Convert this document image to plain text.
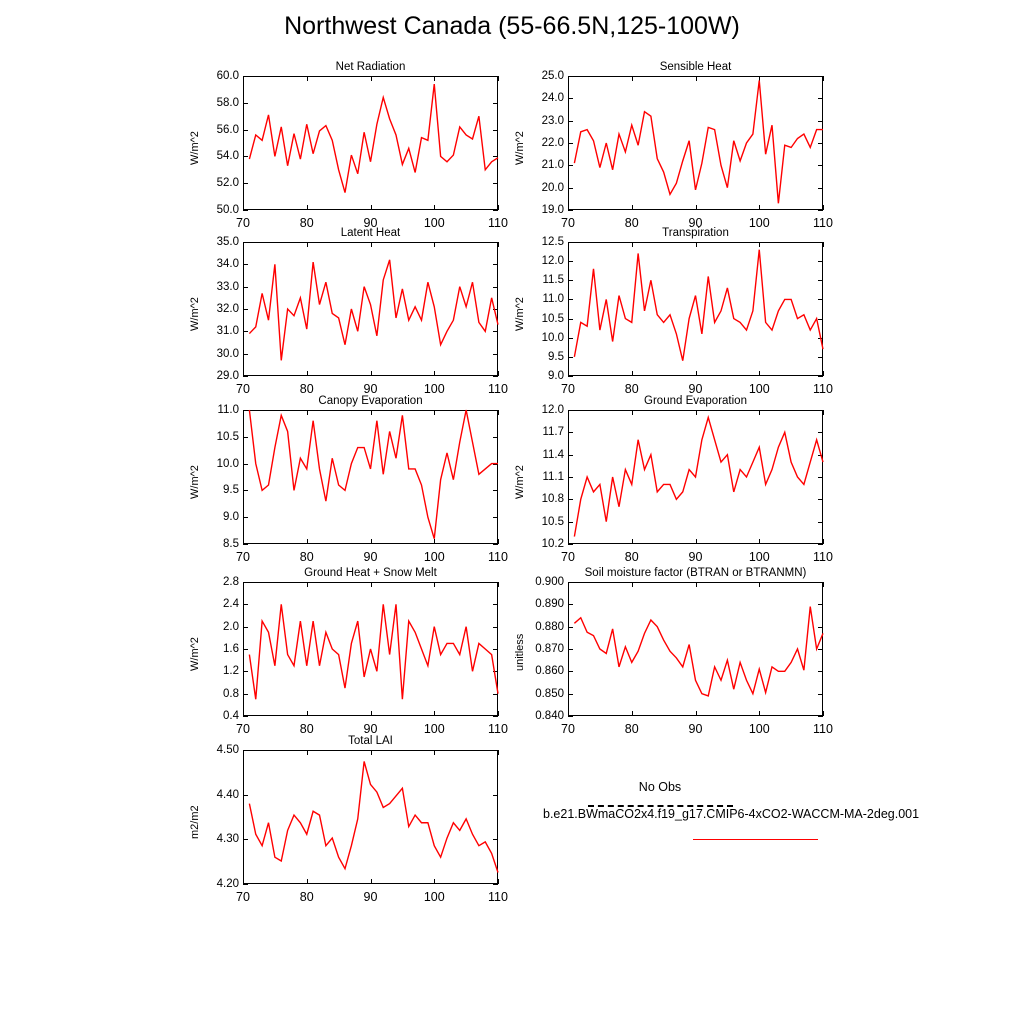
Northwest Canada (55-66.5N,125-100W)
Net Radiation
W/m^2
50.0
52.0
54.0
56.0
58.0
60.0
70	80	90	100	110
Sensible Heat
W/m^2
19.0
20.0
21.0
22.0
23.0
24.0
25.0
70	80	90	100	110
Latent Heat
W/m^2
29.0
30.0
31.0
32.0
33.0
34.0
35.0
70	80	90	100	110
Transpiration
W/m^2
9.0
9.5
10.0
10.5
11.0
11.5
12.0
12.5
70	80	90	100	110
Canopy Evaporation
W/m^2
8.5
9.0
9.5
10.0
10.5
11.0
70	80	90	100	110
Ground Evaporation
W/m^2
10.2
10.5
10.8
11.1
11.4
11.7
12.0
70	80	90	100	110
Ground Heat + Snow Melt
W/m^2
0.4
0.8
1.2
1.6
2.0
2.4
2.8
70	80	90	100	110
Soil moisture factor (BTRAN or BTRANMN)
unitless
0.840
0.850
0.860
0.870
0.880
0.890
0.900
70	80	90	100	110
Total LAI
m2/m2
4.20
4.30
4.40
4.50
70	80	90	100	110
No Obs
b.e21.BWmaCO2x4.f19_g17.CMIP6-4xCO2-WACCM-MA-2deg.001
